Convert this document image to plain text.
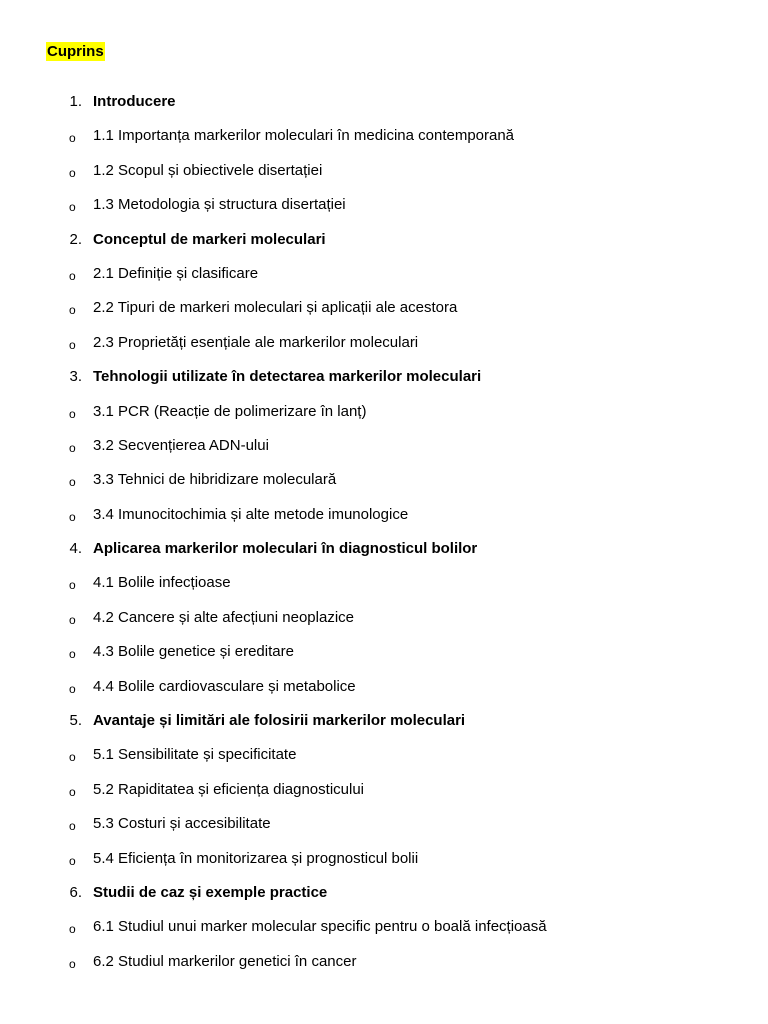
Cuprins
1. Introducere
o 1.1 Importanța markerilor moleculari în medicina contemporană
o 1.2 Scopul și obiectivele disertației
o 1.3 Metodologia și structura disertației
2. Conceptul de markeri moleculari
o 2.1 Definiție și clasificare
o 2.2 Tipuri de markeri moleculari și aplicații ale acestora
o 2.3 Proprietăți esențiale ale markerilor moleculari
3. Tehnologii utilizate în detectarea markerilor moleculari
o 3.1 PCR (Reacție de polimerizare în lanț)
o 3.2 Secvențierea ADN-ului
o 3.3 Tehnici de hibridizare moleculară
o 3.4 Imunocitochimia și alte metode imunologice
4. Aplicarea markerilor moleculari în diagnosticul bolilor
o 4.1 Bolile infecțioase
o 4.2 Cancere și alte afecțiuni neoplazice
o 4.3 Bolile genetice și ereditare
o 4.4 Bolile cardiovasculare și metabolice
5. Avantaje și limitări ale folosirii markerilor moleculari
o 5.1 Sensibilitate și specificitate
o 5.2 Rapiditatea și eficiența diagnosticului
o 5.3 Costuri și accesibilitate
o 5.4 Eficiența în monitorizarea și prognosticul bolii
6. Studii de caz și exemple practice
o 6.1 Studiul unui marker molecular specific pentru o boală infecțioasă
o 6.2 Studiul markerilor genetici în cancer
